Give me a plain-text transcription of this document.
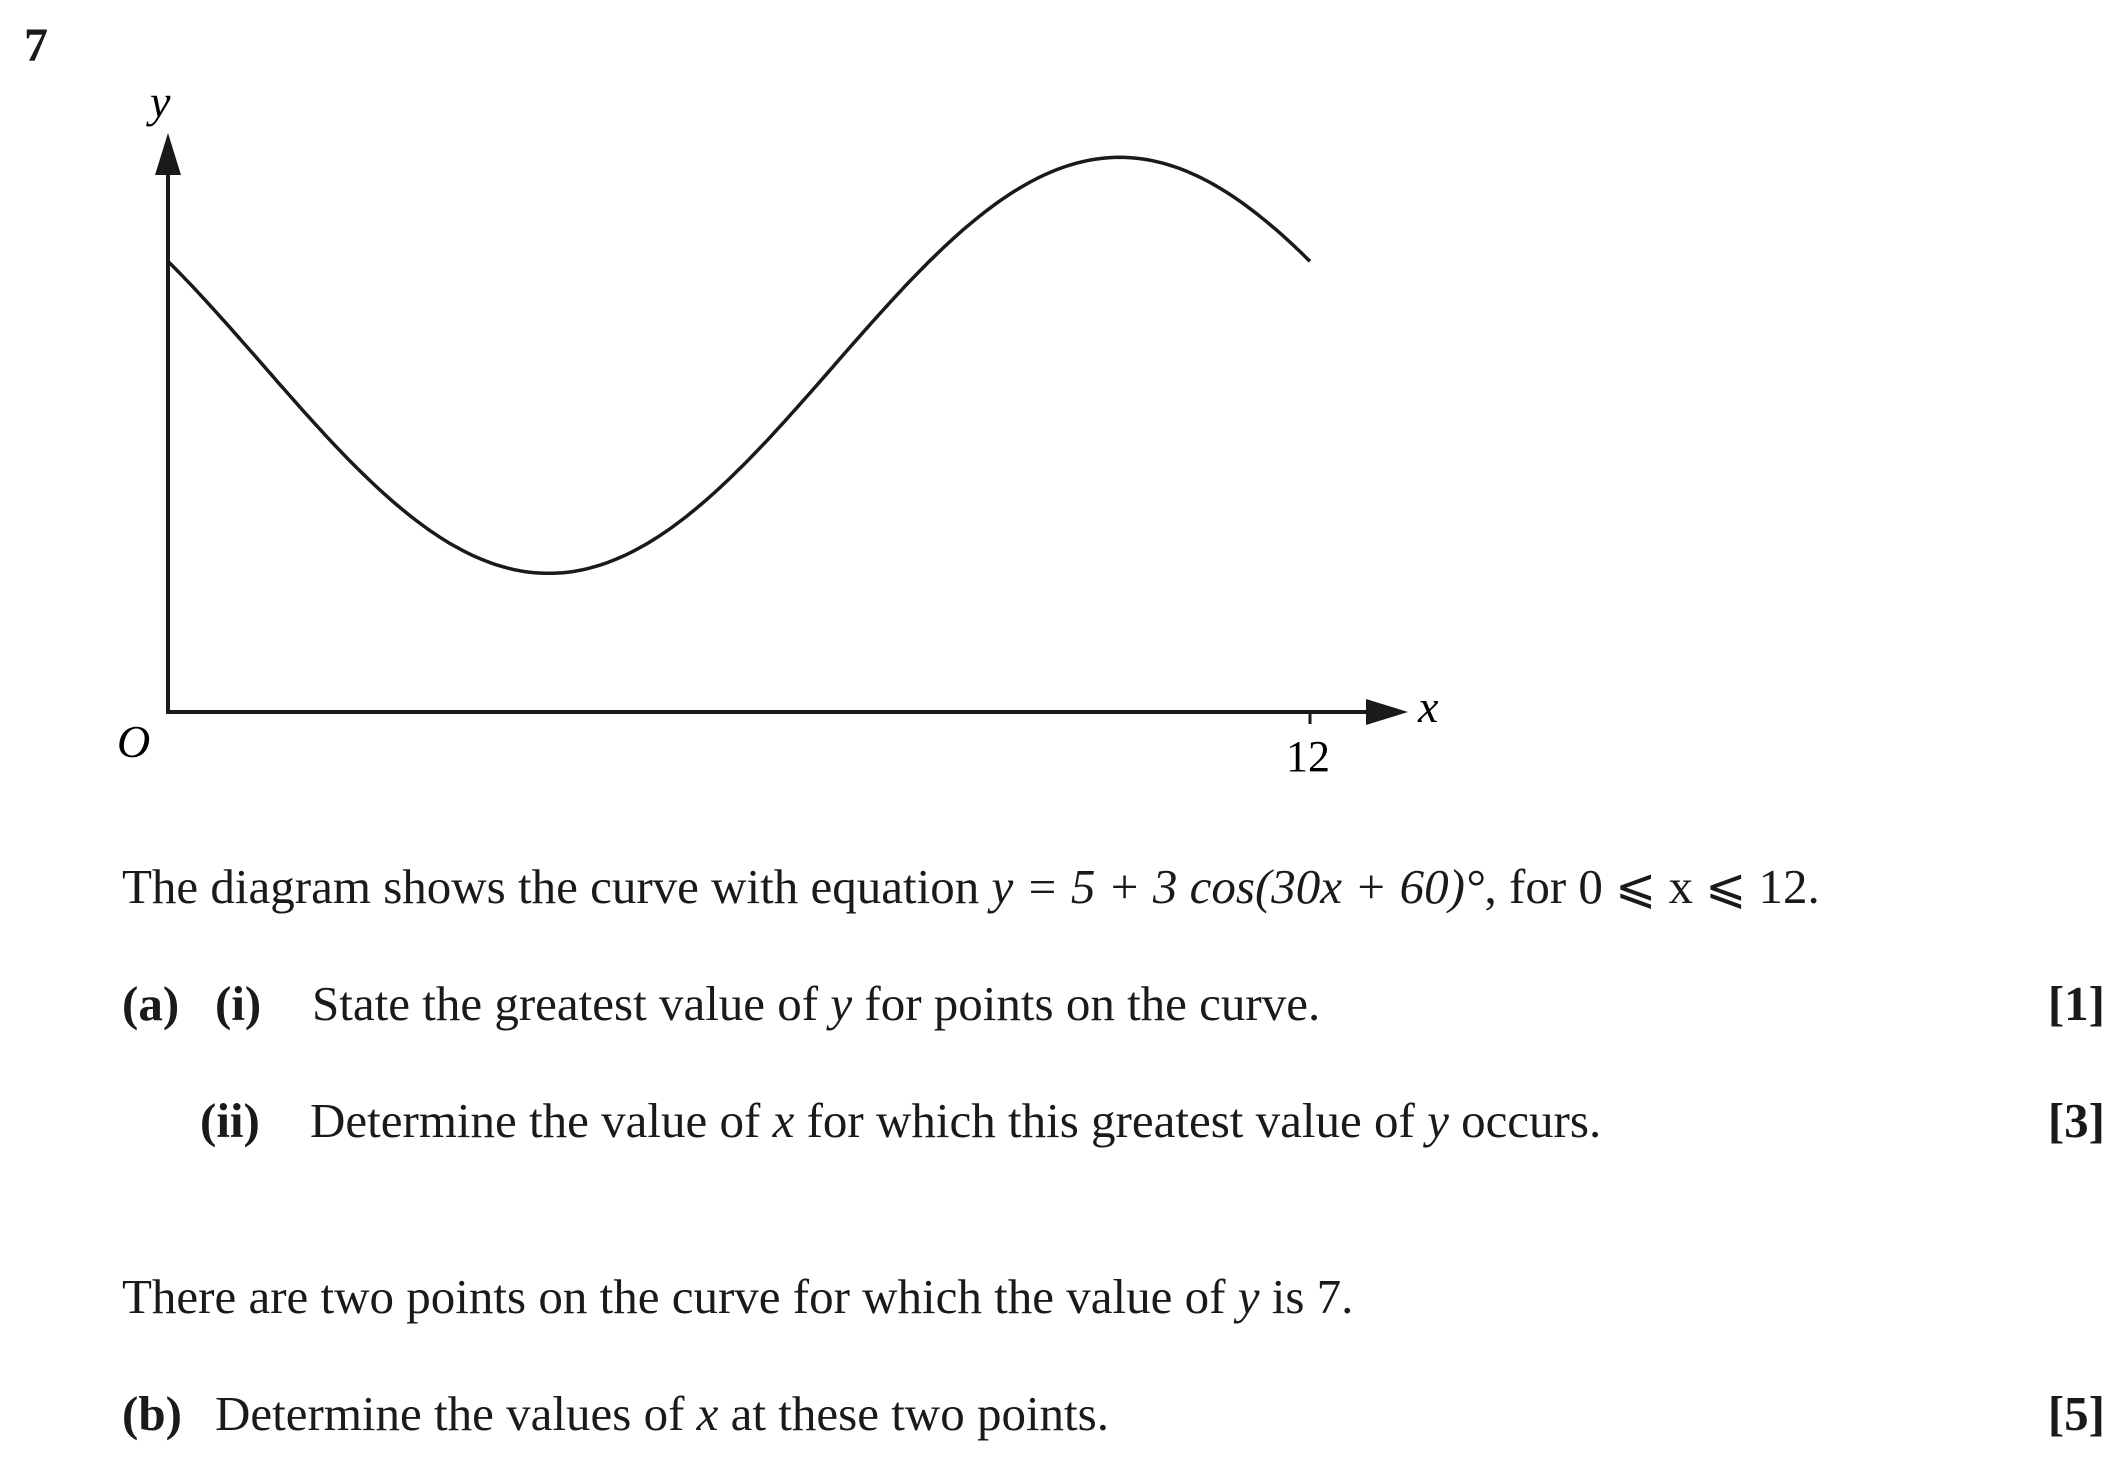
7
y
x
O	12
The diagram shows the curve with equation y = 5 + 3 cos(30x + 60)°, for 0 ⩽ x ⩽ 12.
(a) (i) State the greatest value of y for points on the curve.	[1]
(ii) Determine the value of x for which this greatest value of y occurs.	[3]
There are two points on the curve for which the value of y is 7.
(b) Determine the values of x at these two points.	[5]
